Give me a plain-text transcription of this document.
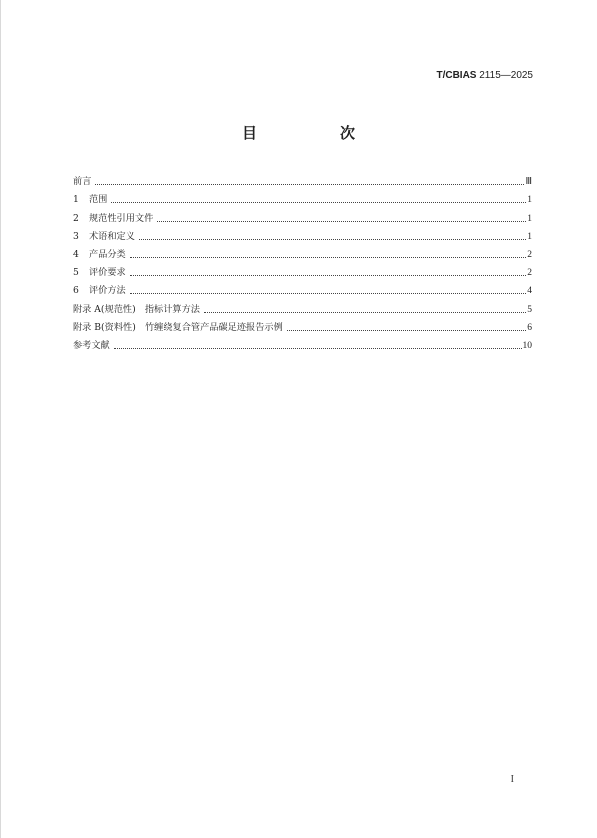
T/CBIAS 2115—2025
目　次
前言	Ⅲ
1 范围	1
2 规范性引用文件	1
3 术语和定义	1
4 产品分类	2
5 评价要求	2
6 评价方法	4
附录 A(规范性)　指标计算方法	5
附录 B(资料性)　竹缠绕复合管产品碳足迹报告示例	6
参考文献	10
I
